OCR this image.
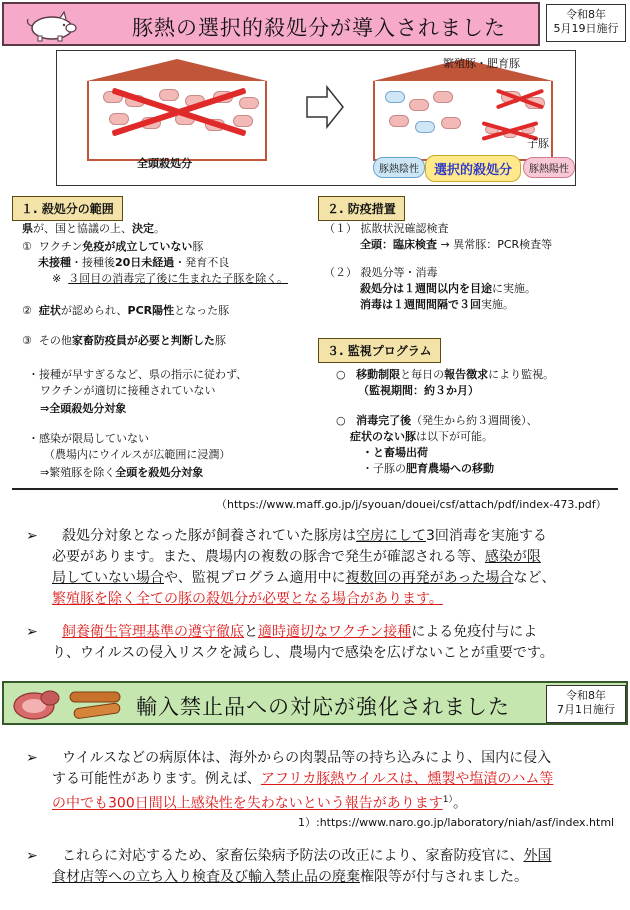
豚熱の選択的殺処分が導入されました
令和8年
5月19日施行
全頭殺処分
繁殖豚・肥育豚
子豚
豚熱陰性	選択的殺処分	豚熱陽性
１. 殺処分の範囲
県が、国と協議の上、決定。
① ワクチン免疫が成立していない豚
未接種・接種後20日未経過・発育不良
※ ３回目の消毒完了後に生まれた子豚を除く。
② 症状が認められ、PCR陽性となった豚
③ その他家畜防疫員が必要と判断した豚
・接種が早すぎるなど、県の指示に従わず、
ワクチンが適切に接種されていない
⇒全頭殺処分対象
・感染が限局していない
（農場内にウイルスが広範囲に浸潤）
⇒繁殖豚を除く全頭を殺処分対象
２. 防疫措置
（１） 拡散状況確認検査
全頭：臨床検査 → 異常豚：PCR検査等
（２） 殺処分等・消毒
殺処分は１週間以内を目途に実施。
消毒は１週間間隔で３回実施。
３. 監視プログラム
○ 移動制限と毎日の報告徴求により監視。
（監視期間：約３か月）
○ 消毒完了後（発生から約３週間後）、
症状のない豚は以下が可能。
・と畜場出荷
・子豚の肥育農場への移動
（https://www.maff.go.jp/j/syouan/douei/csf/attach/pdf/index-473.pdf）
➢ 殺処分対象となった豚が飼養されていた豚房は空房にして3回消毒を実施する
必要があります。また、農場内の複数の豚舎で発生が確認される等、感染が限
局していない場合や、監視プログラム適用中に複数回の再発があった場合など、
繁殖豚を除く全ての豚の殺処分が必要となる場合があります。
➢ 飼養衛生管理基準の遵守徹底と適時適切なワクチン接種による免疫付与によ
り、ウイルスの侵入リスクを減らし、農場内で感染を広げないことが重要です。
輸入禁止品への対応が強化されました	令和8年
7月1日施行
➢ ウイルスなどの病原体は、海外からの肉製品等の持ち込みにより、国内に侵入
する可能性があります。例えば、アフリカ豚熱ウイルスは、燻製や塩漬のハム等
の中でも300日間以上感染性を失わないという報告があります$^{1)}$。
1）:https://www.naro.go.jp/laboratory/niah/asf/index.html
➢ これらに対応するため、家畜伝染病予防法の改正により、家畜防疫官に、外国
食材店等への立ち入り検査及び輸入禁止品の廃棄権限等が付与されました。
